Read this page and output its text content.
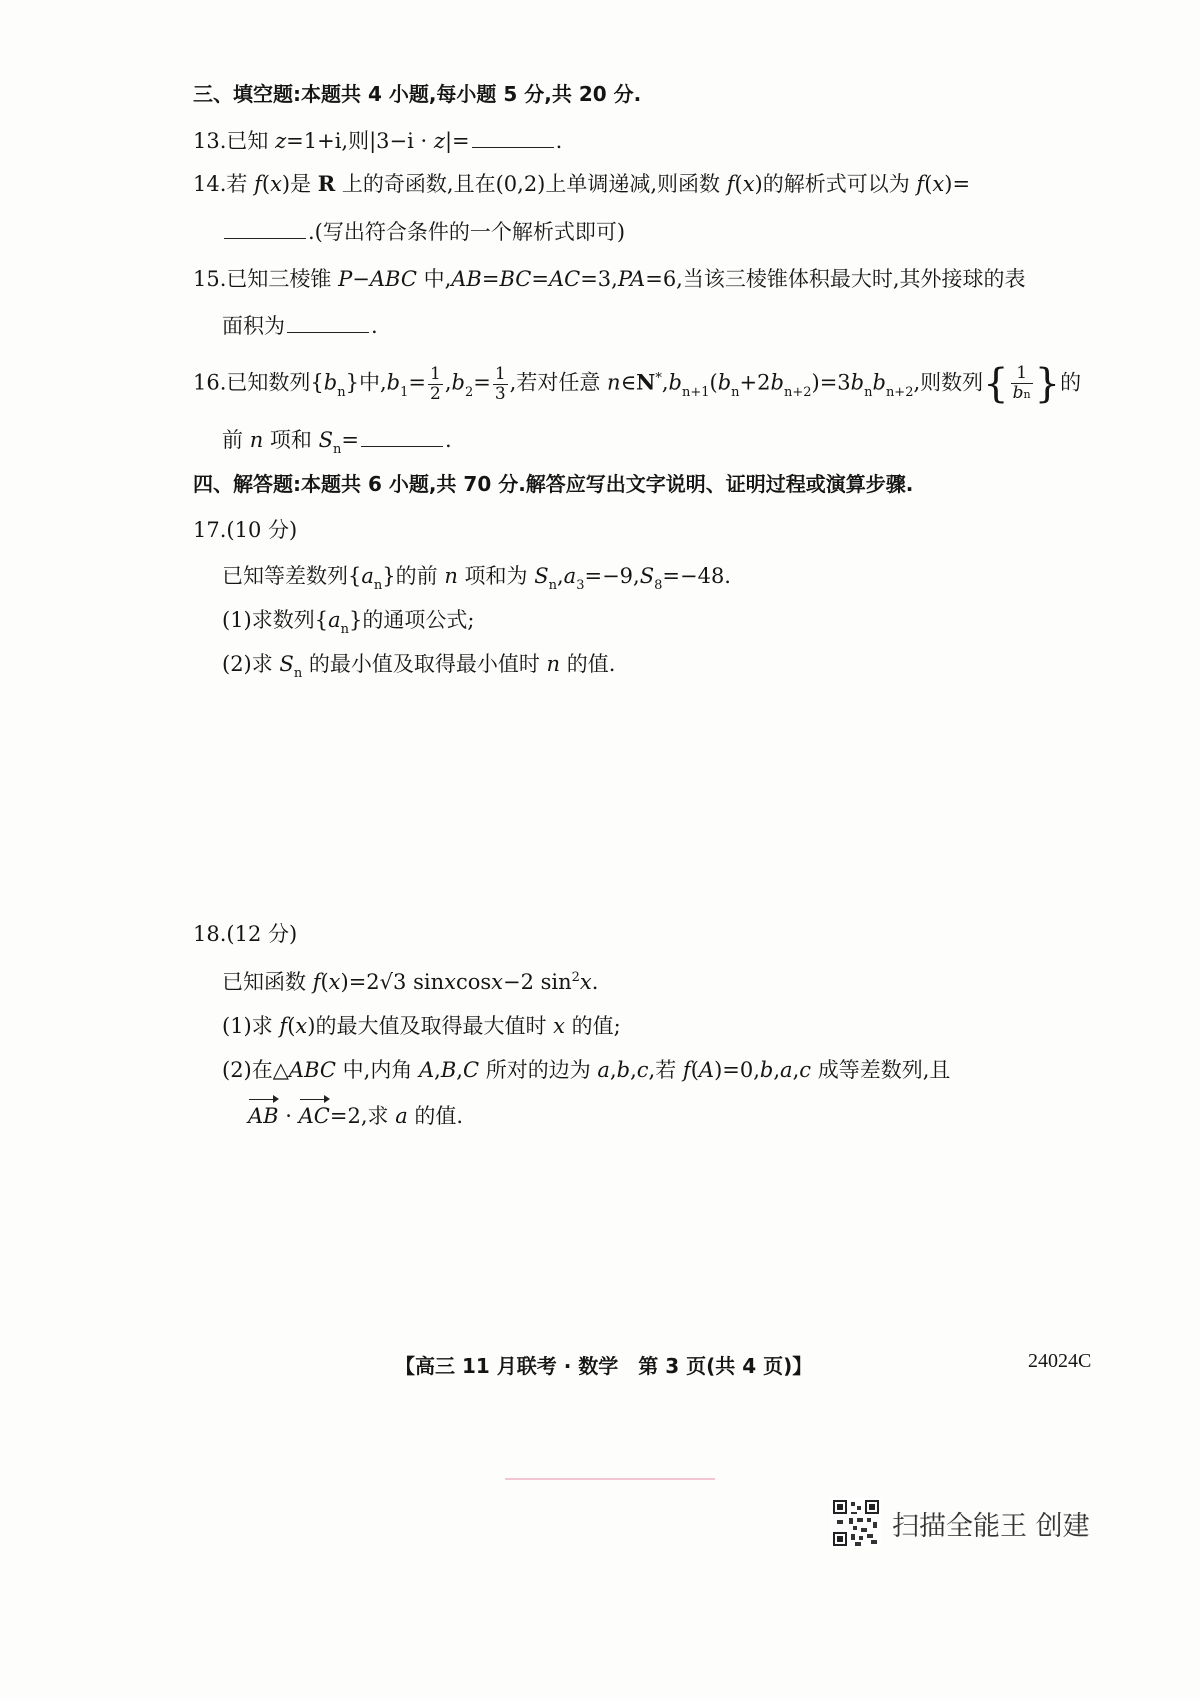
三、填空题:本题共 4 小题,每小题 5 分,共 20 分.
13.已知 z=1+i,则|3−i · z|=	.
14.若 f(x)是 R 上的奇函数,且在(0,2)上单调递减,则函数 f(x)的解析式可以为 f(x)=
.(写出符合条件的一个解析式即可)
15.已知三棱锥 P−ABC 中,AB=BC=AC=3,PA=6,当该三棱锥体积最大时,其外接球的表
面积为	.
16.已知数列$\{b_n\}$中$,b_1= \frac{1}{2} ,b_2= \frac{1}{3}$ ,若对任意 $n\in N^*,b_{n+1}(b_n+2b_{n+2})=3b_nb_{n+2}$,则数列{ $\frac{1}{bn}$ }的
前 n 项和 $S_n=$	.
四、解答题:本题共 6 小题,共 70 分.解答应写出文字说明、证明过程或演算步骤.
17.(10 分)
已知等差数列$\{a_n\}$的前 n 项和为 $S_n,a_3=-9,S_8=-48$.
(1)求数列$\{a_n\}$的通项公式;
(2)求 $S_n$ 的最小值及取得最小值时 n 的值.
18.(12 分)
已知函数 f(x)=2√3 sinxcosx−2 $\sin^2x$.
(1)求 f(x)的最大值及取得最大值时 x 的值;
(2)在△ABC 中,内角 A,B,C 所对的边为 a,b,c,若 f(A)=0,b,a,c 成等差数列,且
AB · AC=2,求 a 的值.
【高三 11 月联考 · 数学　第 3 页(共 4 页)】	24024C
扫描全能王 创建
